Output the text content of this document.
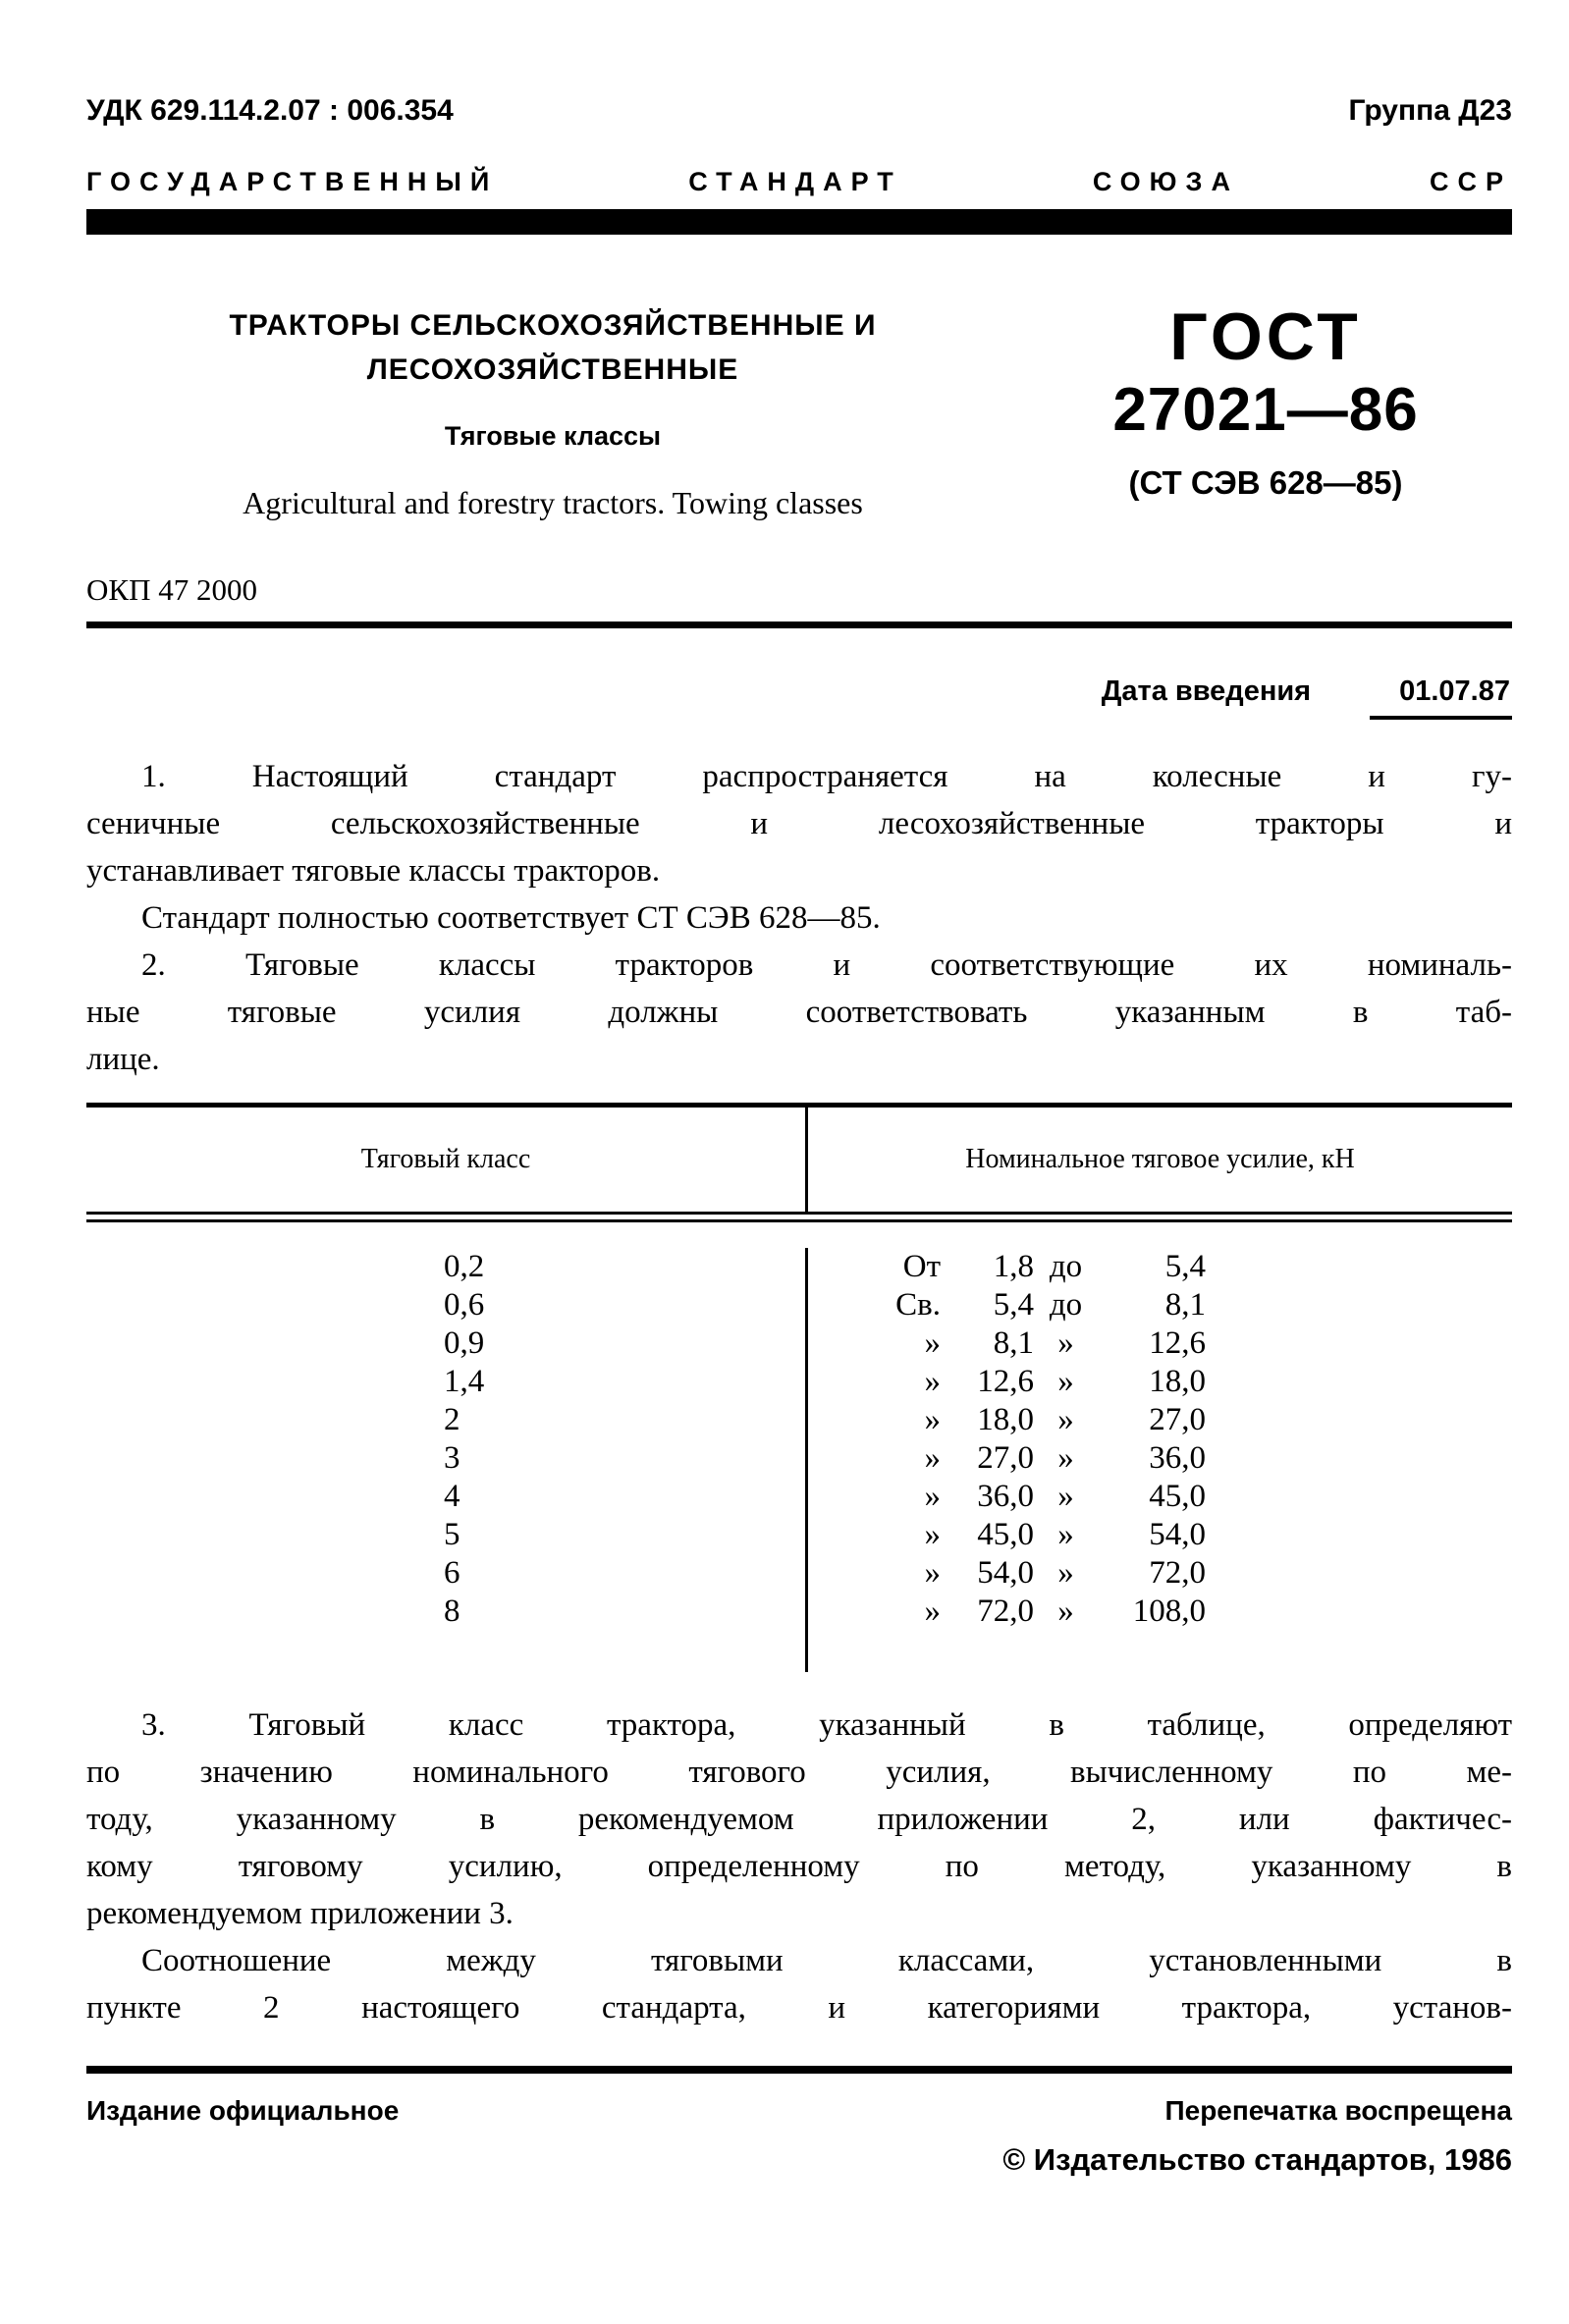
УДК 629.114.2.07 : 006.354	Группа Д23
ГОСУДАРСТВЕННЫЙ СТАНДАРТ СОЮЗА ССР
ТРАКТОРЫ СЕЛЬСКОХОЗЯЙСТВЕННЫЕ И
ЛЕСОХОЗЯЙСТВЕННЫЕ
Тяговые классы
Agricultural and forestry tractors. Towing classes
ГОСТ
27021—86
(СТ СЭВ 628—85)
ОКП 47 2000
Дата введения	01.07.87
1. Настоящий стандарт распространяется на колесные и гу-
сеничные сельскохозяйственные и лесохозяйственные тракторы и
устанавливает тяговые классы тракторов.
Стандарт полностью соответствует СТ СЭВ 628—85.
2. Тяговые классы тракторов и соответствующие их номиналь-
ные тяговые усилия должны соответствовать указанным в таб-
лице.
Тяговый класс	Номинальное тяговое усилие, кН
0,2	От	1,8 до	5,4
0,6	Св.	5,4 до	8,1
0,9	»	8,1 »	12,6
1,4	»	12,6 »	18,0
2	»	18,0 »	27,0
3	»	27,0 »	36,0
4	»	36,0 »	45,0
5	»	45,0 »	54,0
6	»	54,0 »	72,0
8	»	72,0 »	108,0
3. Тяговый класс трактора, указанный в таблице, определяют
по значению номинального тягового усилия, вычисленному по ме-
тоду, указанному в рекомендуемом приложении 2, или фактичес-
кому тяговому усилию, определенному по методу, указанному в
рекомендуемом приложении 3.
Соотношение между тяговыми классами, установленными в
пункте 2 настоящего стандарта, и категориями трактора, установ-
Издание официальное	Перепечатка воспрещена
© Издательство стандартов, 1986
